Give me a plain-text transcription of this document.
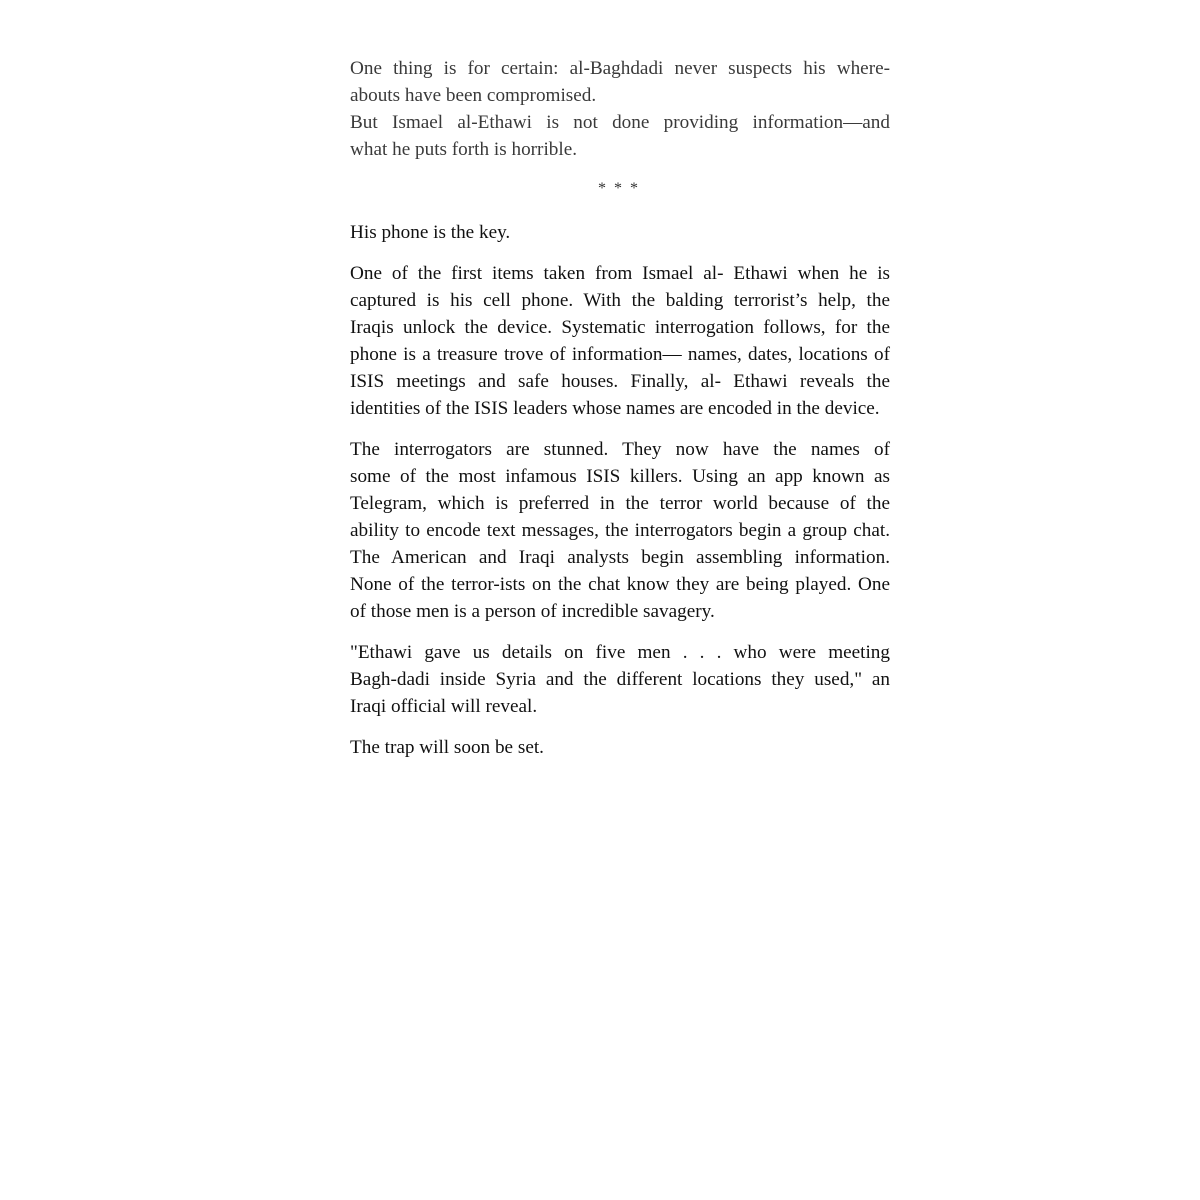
One thing is for certain: al-Baghdadi never suspects his where-
abouts have been compromised.

But Ismael al-Ethawi is not done providing information—and
what he puts forth is horrible.

* * *

His phone is the key.

One of the first items taken from Ismael al- Ethawi when he is
captured is his cell phone. With the balding terrorist’s help, the
Iraqis unlock the device. Systematic interrogation follows, for the
phone is a treasure trove of information— names, dates, locations of
ISIS meetings and safe houses. Finally, al- Ethawi reveals the
identities of the ISIS leaders whose names are encoded in the device.

The interrogators are stunned. They now have the names of
some of the most infamous ISIS killers. Using an app known as
Telegram, which is preferred in the terror world because of the
ability to encode text messages, the interrogators begin a group chat.
The American and Iraqi analysts begin assembling information.
None of the terror-ists on the chat know they are being played. One
of those men is a person of incredible savagery.

"Ethawi gave us details on five men . . . who were meeting
Bagh-dadi inside Syria and the different locations they used," an
Iraqi official will reveal.

The trap will soon be set.
